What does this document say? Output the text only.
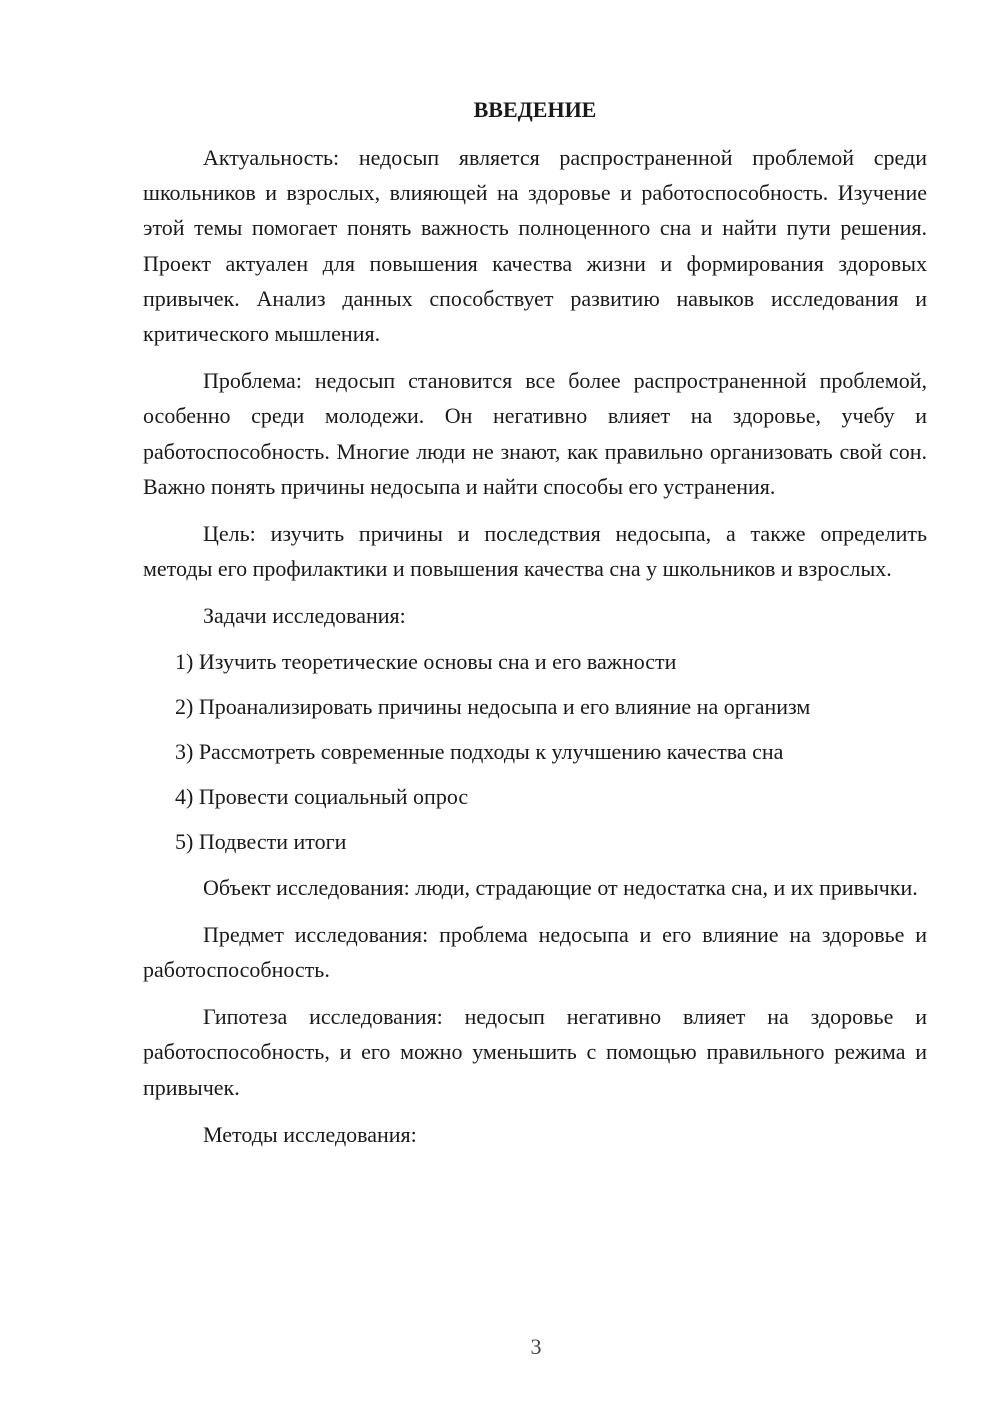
ВВЕДЕНИЕ

Актуальность: недосып является распространенной проблемой среди школьников и взрослых, влияющей на здоровье и работоспособность. Изучение этой темы помогает понять важность полноценного сна и найти пути решения. Проект актуален для повышения качества жизни и формирования здоровых привычек. Анализ данных способствует развитию навыков исследования и критического мышления.

Проблема: недосып становится все более распространенной проблемой, особенно среди молодежи. Он негативно влияет на здоровье, учебу и работоспособность. Многие люди не знают, как правильно организовать свой сон. Важно понять причины недосыпа и найти способы его устранения.

Цель: изучить причины и последствия недосыпа, а также определить методы его профилактики и повышения качества сна у школьников и взрослых.

Задачи исследования:

1) Изучить теоретические основы сна и его важности
2) Проанализировать причины недосыпа и его влияние на организм
3) Рассмотреть современные подходы к улучшению качества сна
4) Провести социальный опрос
5) Подвести итоги

Объект исследования: люди, страдающие от недостатка сна, и их привычки.

Предмет исследования: проблема недосыпа и его влияние на здоровье и работоспособность.

Гипотеза исследования: недосып негативно влияет на здоровье и работоспособность, и его можно уменьшить с помощью правильного режима и привычек.

Методы исследования:

3
